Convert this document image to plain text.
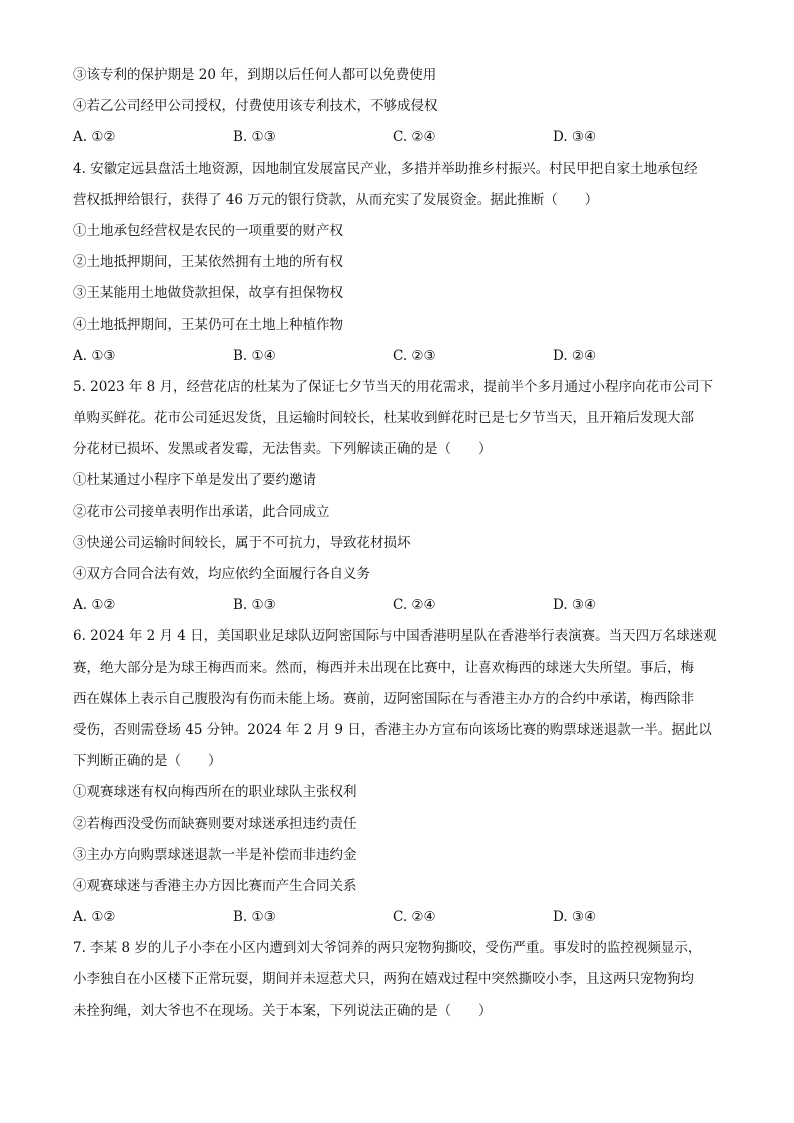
③该专利的保护期是 20 年，到期以后任何人都可以免费使用
④若乙公司经甲公司授权，付费使用该专利技术，不够成侵权
A. ①②	B. ①③	C. ②④	D. ③④
4. 安徽定远县盘活土地资源，因地制宜发展富民产业，多措并举助推乡村振兴。村民甲把自家土地承包经
营权抵押给银行，获得了 46 万元的银行贷款，从而充实了发展资金。据此推断（　　）
①土地承包经营权是农民的一项重要的财产权
②土地抵押期间，王某依然拥有土地的所有权
③王某能用土地做贷款担保，故享有担保物权
④土地抵押期间，王某仍可在土地上种植作物
A. ①③	B. ①④	C. ②③	D. ②④
5. 2023 年 8 月，经营花店的杜某为了保证七夕节当天的用花需求，提前半个多月通过小程序向花市公司下
单购买鲜花。花市公司延迟发货，且运输时间较长，杜某收到鲜花时已是七夕节当天，且开箱后发现大部
分花材已损坏、发黑或者发霉，无法售卖。下列解读正确的是（　　）
①杜某通过小程序下单是发出了要约邀请
②花市公司接单表明作出承诺，此合同成立
③快递公司运输时间较长，属于不可抗力，导致花材损坏
④双方合同合法有效，均应依约全面履行各自义务
A. ①②	B. ①③	C. ②④	D. ③④
6. 2024 年 2 月 4 日，美国职业足球队迈阿密国际与中国香港明星队在香港举行表演赛。当天四万名球迷观
赛，绝大部分是为球王梅西而来。然而，梅西并未出现在比赛中，让喜欢梅西的球迷大失所望。事后，梅
西在媒体上表示自己腹股沟有伤而未能上场。赛前，迈阿密国际在与香港主办方的合约中承诺，梅西除非
受伤，否则需登场 45 分钟。2024 年 2 月 9 日，香港主办方宣布向该场比赛的购票球迷退款一半。据此以
下判断正确的是（　　）
①观赛球迷有权向梅西所在的职业球队主张权利
②若梅西没受伤而缺赛则要对球迷承担违约责任
③主办方向购票球迷退款一半是补偿而非违约金
④观赛球迷与香港主办方因比赛而产生合同关系
A. ①②	B. ①③	C. ②④	D. ③④
7. 李某 8 岁的儿子小李在小区内遭到刘大爷饲养的两只宠物狗撕咬，受伤严重。事发时的监控视频显示，
小李独自在小区楼下正常玩耍，期间并未逗惹犬只，两狗在嬉戏过程中突然撕咬小李，且这两只宠物狗均
未拴狗绳，刘大爷也不在现场。关于本案，下列说法正确的是（　　）
